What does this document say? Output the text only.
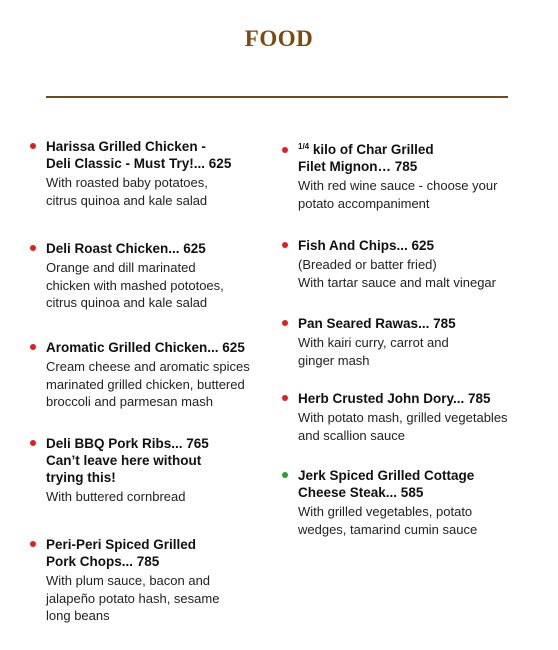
FOOD
Harissa Grilled Chicken -
Deli Classic - Must Try!... 625
With roasted baby potatoes,
citrus quinoa and kale salad
Deli Roast Chicken... 625
Orange and dill marinated
chicken with mashed pototoes,
citrus quinoa and kale salad
Aromatic Grilled Chicken... 625
Cream cheese and aromatic spices
marinated grilled chicken, buttered
broccoli and parmesan mash
Deli BBQ Pork Ribs... 765
Can’t leave here without
trying this!
With buttered cornbread
Peri-Peri Spiced Grilled
Pork Chops... 785
With plum sauce, bacon and
jalapeño potato hash, sesame
long beans
$^{1/4}$ kilo of Char Grilled
Filet Mignon… 785
With red wine sauce - choose your
potato accompaniment
Fish And Chips... 625
(Breaded or batter fried)
With tartar sauce and malt vinegar
Pan Seared Rawas... 785
With kairi curry, carrot and
ginger mash
Herb Crusted John Dory... 785
With potato mash, grilled vegetables
and scallion sauce
Jerk Spiced Grilled Cottage
Cheese Steak... 585
With grilled vegetables, potato
wedges, tamarind cumin sauce
